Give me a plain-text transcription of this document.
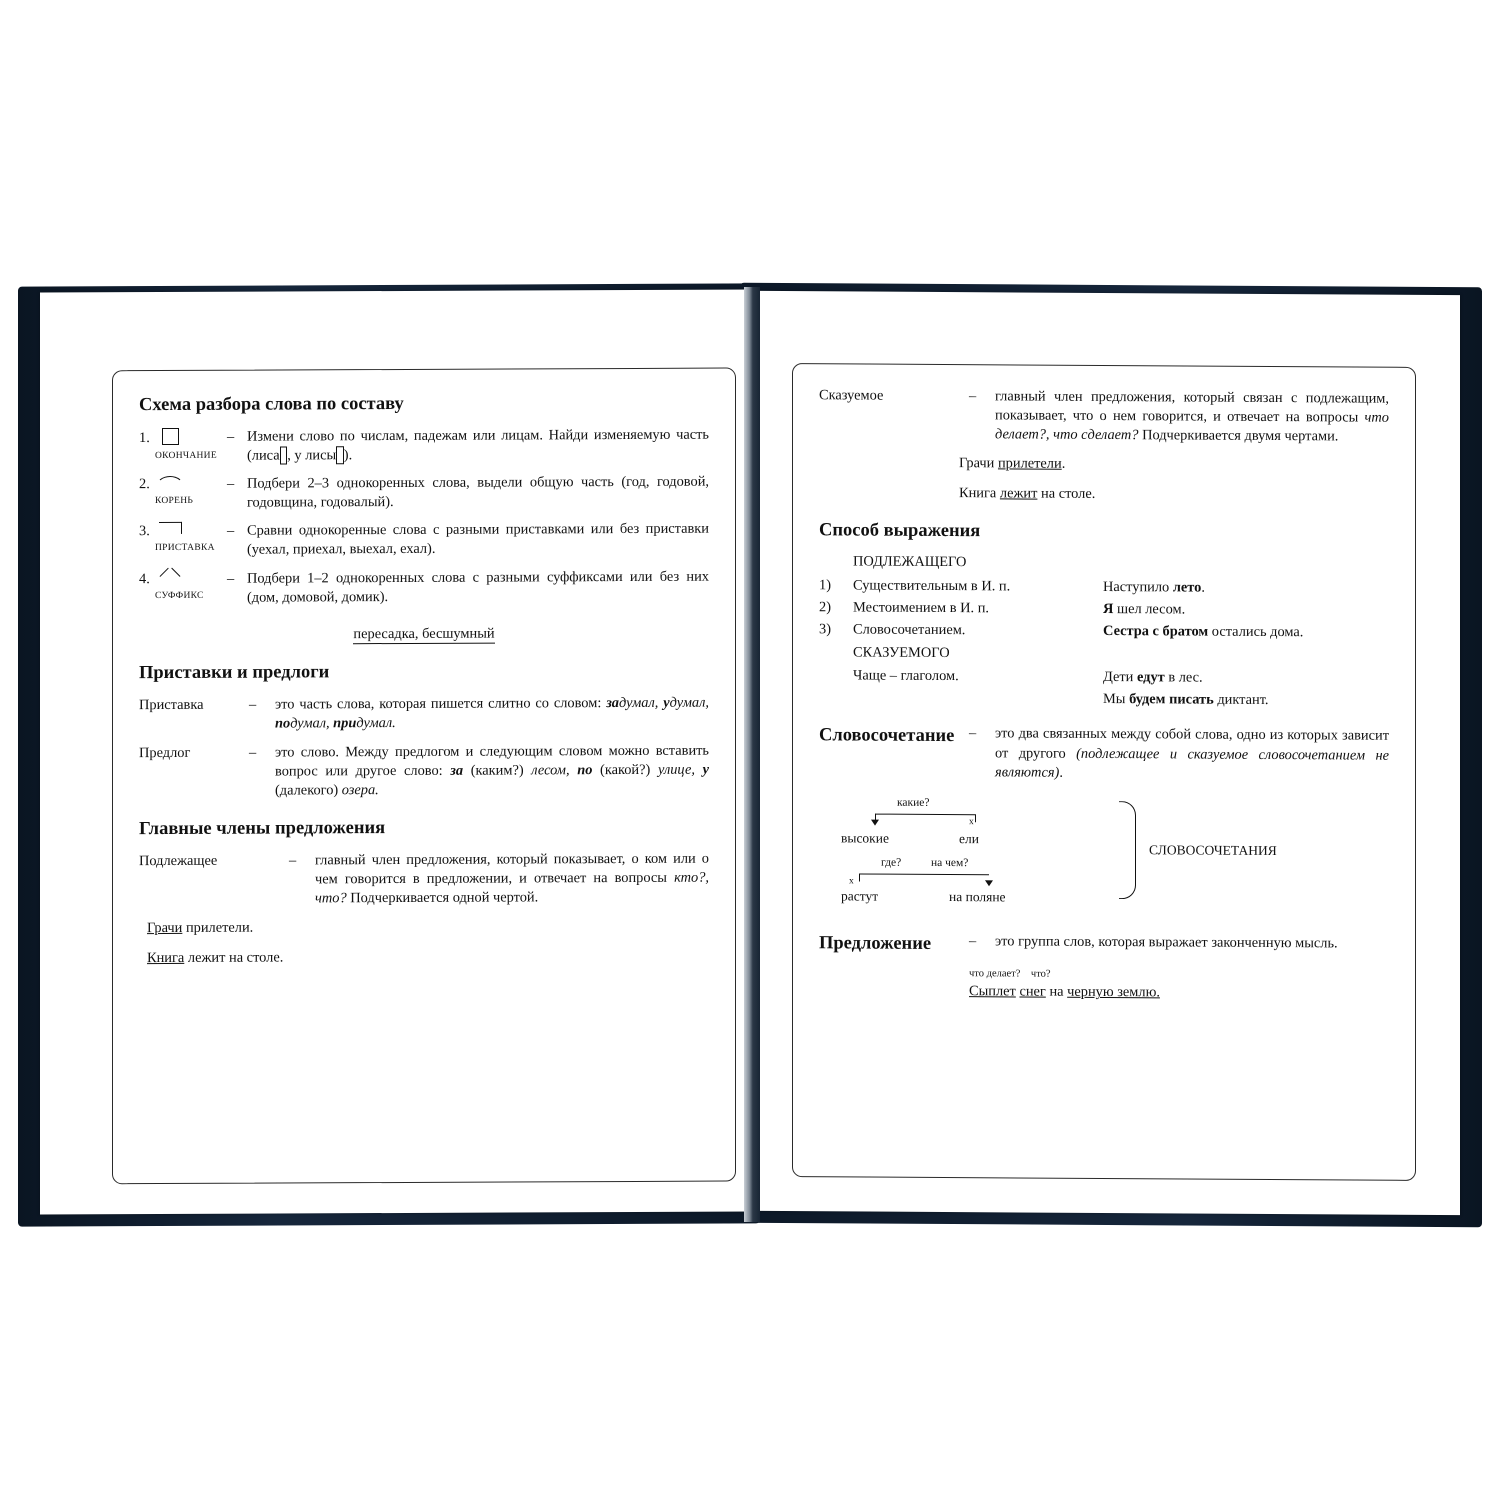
Схема разбора слова по составу
1.
ОКОНЧАНИЕ
– Измени слово по числам, падежам или лицам. Найди изменяемую часть (лиса , у лисы ).
2.
КОРЕНЬ
– Подбери 2–3 однокоренных слова, выдели общую часть (год, годовой, годовщина, годовалый).
3.
ПРИСТАВКА
– Сравни однокоренные слова с разными приставками или без приставки (уехал, приехал, выехал, ехал).
4.
СУФФИКС
– Подбери 1–2 однокоренных слова с разными суффиксами или без них (дом, домовой, домик).
пересадка, бесшумный
Приставки и предлоги
Приставка	–	это часть слова, которая пишется слитно со словом: задумал, удумал, подумал, придумал.
Предлог	–	это слово. Между предлогом и следующим словом можно вставить вопрос или другое слово: за (каким?) лесом, по (какой?) улице, у (далекого) озера.
Главные члены предложения
Подлежащее	–	главный член предложения, который показывает, о ком или о чем говорится в предложении, и отвечает на вопросы кто?, что? Подчеркивается одной чертой.
Грачи прилетели.
Книга лежит на столе.
Сказуемое	–	главный член предложения, который связан с подлежащим, показывает, что о нем говорится, и отвечает на вопросы что делает?, что сделает? Подчеркивается двумя чертами.
Грачи прилетели.
Книга лежит на столе.
Способ выражения
ПОДЛЕЖАЩЕГО
1)	Существительным в И. п.	Наступило лето.
2)	Местоимением в И. п.	Я шел лесом.
3)	Словосочетанием.	Сестра с братом остались дома.
СКАЗУЕМОГО
Чаще – глаголом.	Дети едут в лес.
Мы будем писать диктант.
Словосочетание	–	это два связанных между собой слова, одно из которых зависит от другого (подлежащее и сказуемое словосочетанием не являются).
какие?
x
высокие	ели
где?	на чем?
x
растут	на поляне
СЛОВОСОЧЕТАНИЯ
Предложение	–	это группа слов, которая выражает законченную мысль.
что делает? что?
Сыплет снег на черную землю.
